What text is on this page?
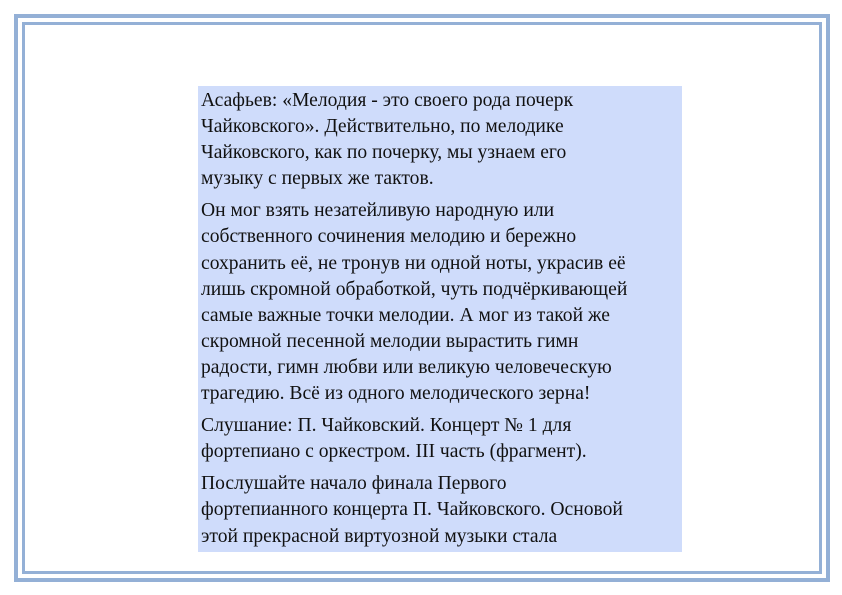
Асафьев: «Мелодия - это своего рода почерк
Чайковского». Действительно, по мелодике
Чайковского, как по почерку, мы узнаем его
музыку с первых же тактов.

Он мог взять незатейливую народную или
собственного сочинения мелодию и бережно
сохранить её, не тронув ни одной ноты, украсив её
лишь скромной обработкой, чуть подчёркивающей
самые важные точки мелодии. А мог из такой же
скромной песенной мелодии вырастить гимн
радости, гимн любви или великую человеческую
трагедию. Всё из одного мелодического зерна!

Слушание: П. Чайковский. Концерт № 1 для
фортепиано с оркестром. III часть (фрагмент).

Послушайте начало финала Первого
фортепианного концерта П. Чайковского. Основой
этой прекрасной виртуозной музыки стала
